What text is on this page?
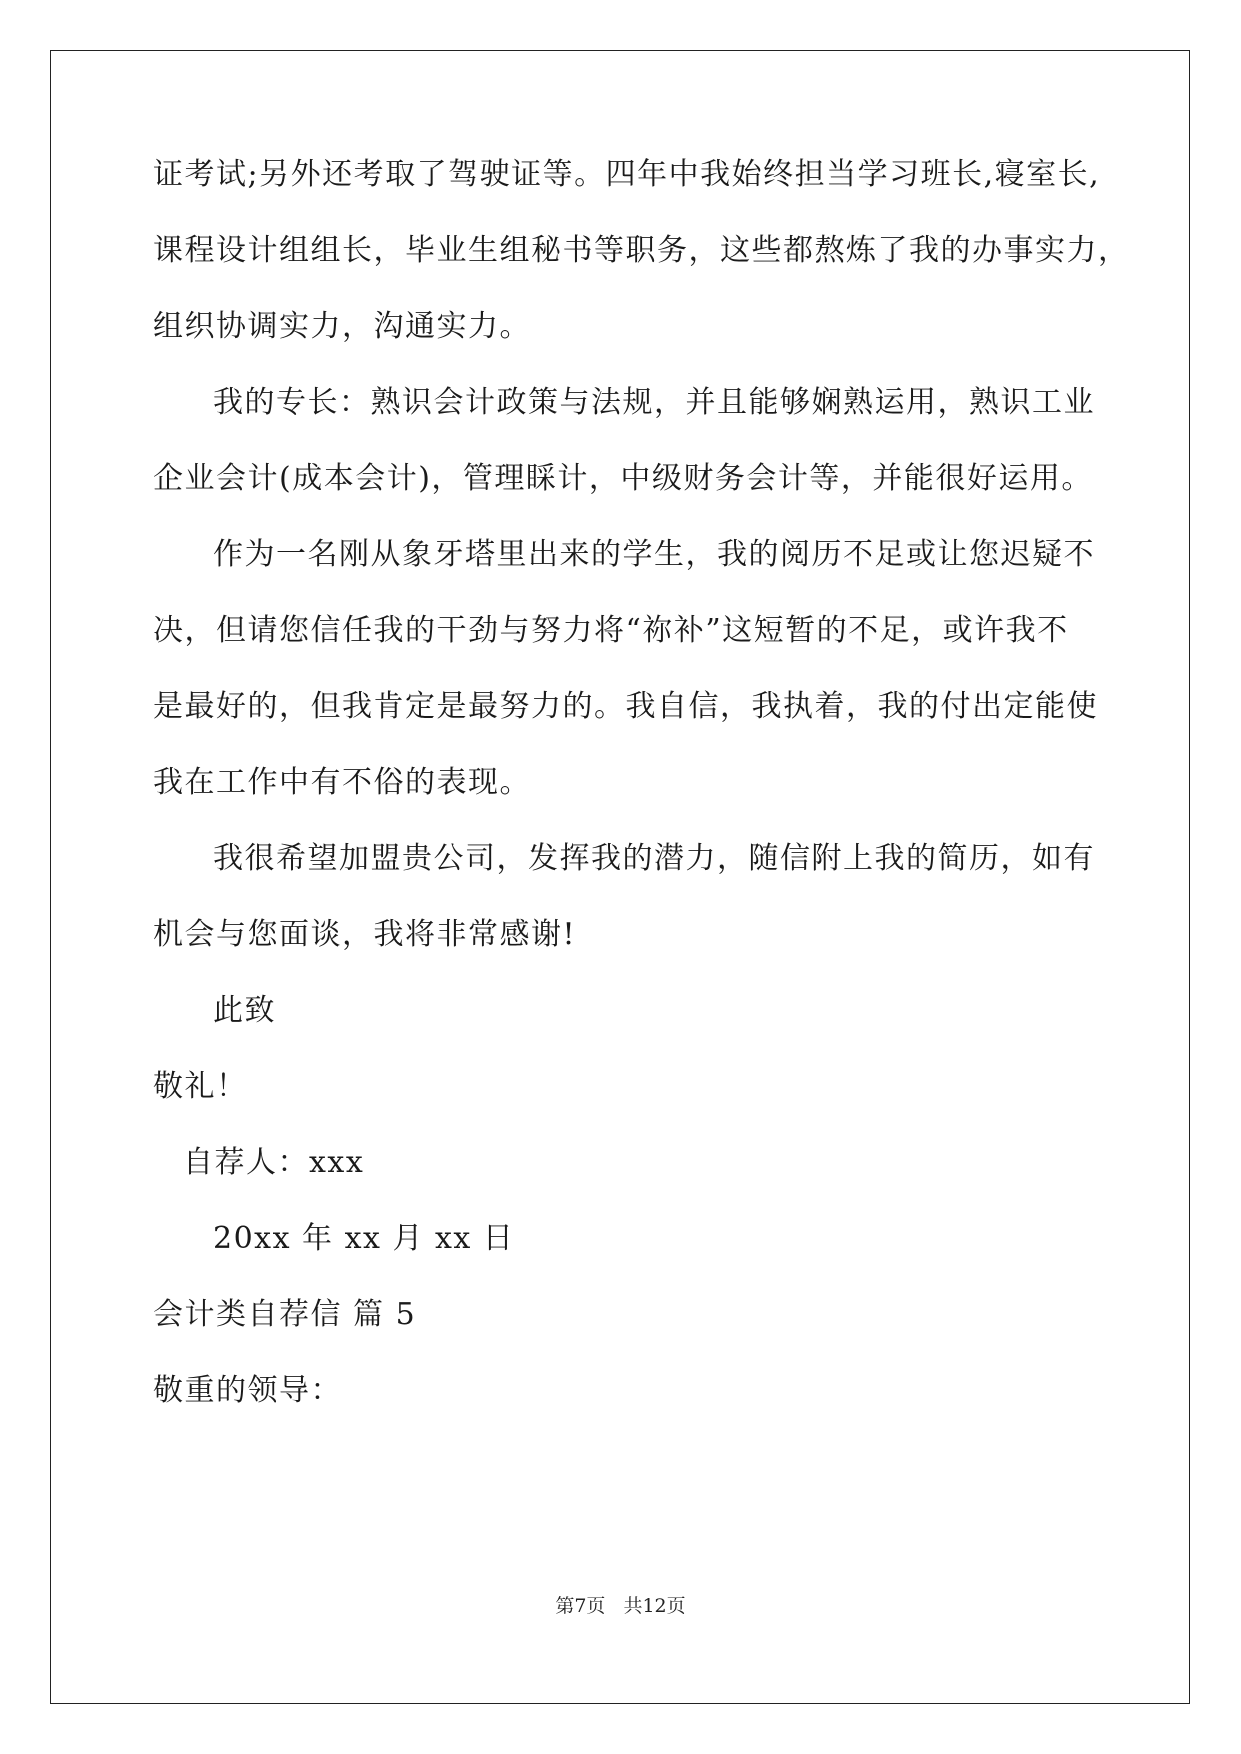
证考试;另外还考取了驾驶证等。四年中我始终担当学习班长,寝室长,
课程设计组组长，毕业生组秘书等职务，这些都熬炼了我的办事实力，
组织协调实力，沟通实力。
我的专长：熟识会计政策与法规，并且能够娴熟运用，熟识工业
企业会计(成本会计)，管理睬计，中级财务会计等，并能很好运用。
作为一名刚从象牙塔里出来的学生，我的阅历不足或让您迟疑不
决，但请您信任我的干劲与努力将“祢补”这短暂的不足，或许我不
是最好的，但我肯定是最努力的。我自信，我执着，我的付出定能使
我在工作中有不俗的表现。
我很希望加盟贵公司，发挥我的潜力，随信附上我的简历，如有
机会与您面谈，我将非常感谢!
此致
敬礼！
自荐人：xxx
20xx 年 xx 月 xx 日
会计类自荐信 篇 5
敬重的领导：
第7页 共12页
